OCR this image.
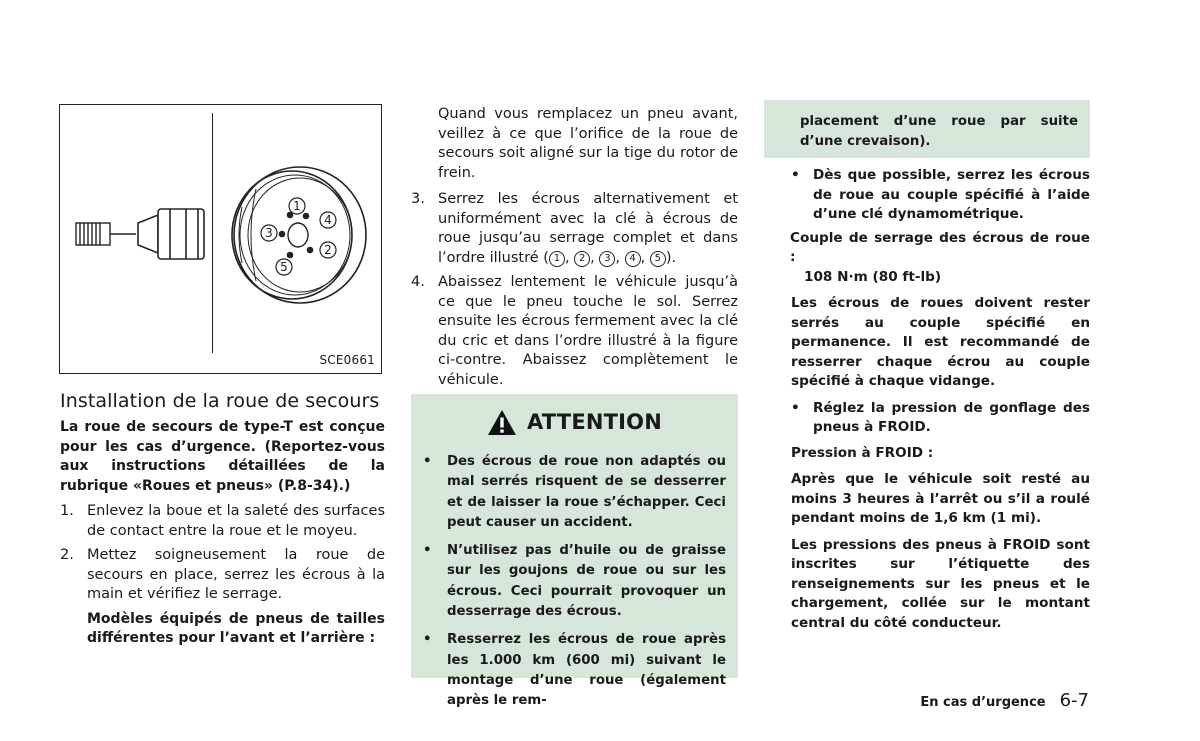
1
2
3
4
5
SCE0661
Installation de la roue de secours

La roue de secours de type-T est conçue pour les cas d’urgence. (Reportez-vous aux instructions détaillées de la rubrique «Roues et pneus» (P.8-34).)

1. Enlevez la boue et la saleté des surfaces de contact entre la roue et le moyeu.
2. Mettez soigneusement la roue de secours en place, serrez les écrous à la main et vérifiez le serrage.

Modèles équipés de pneus de tailles différentes pour l’avant et l’arrière :

Quand vous remplacez un pneu avant, veillez à ce que l’orifice de la roue de secours soit aligné sur la tige du rotor de frein.

3. Serrez les écrous alternativement et uniformément avec la clé à écrous de roue jusqu’au serrage complet et dans l’ordre illustré ( 1 , 2 , 3 , 4 , 5 ).
4. Abaissez lentement le véhicule jusqu’à ce que le pneu touche le sol. Serrez ensuite les écrous fermement avec la clé du cric et dans l’ordre illustré à la figure ci-contre. Abaissez complètement le véhicule.
ATTENTION
•	Des écrous de roue non adaptés ou mal serrés risquent de se desserrer et de laisser la roue s’échapper. Ceci peut causer un accident.
•	N’utilisez pas d’huile ou de graisse sur les goujons de roue ou sur les écrous. Ceci pourrait provoquer un desserrage des écrous.
•	Resserrez les écrous de roue après les 1.000 km (600 mi) suivant le montage d’une roue (également après le rem-

placement d’une roue par suite d’une crevaison).

• Dès que possible, serrez les écrous de roue au couple spécifié à l’aide d’une clé dynamométrique.

Couple de serrage des écrous de roue :
108 N·m (80 ft-lb)

Les écrous de roues doivent rester serrés au couple spécifié en permanence. Il est recommandé de resserrer chaque écrou au couple spécifié à chaque vidange.

• Réglez la pression de gonflage des pneus à FROID.

Pression à FROID :

Après que le véhicule soit resté au moins 3 heures à l’arrêt ou s’il a roulé pendant moins de 1,6 km (1 mi).

Les pressions des pneus à FROID sont inscrites sur l’étiquette des renseignements sur les pneus et le chargement, collée sur le montant central du côté conducteur.

En cas d’urgence 6-7
